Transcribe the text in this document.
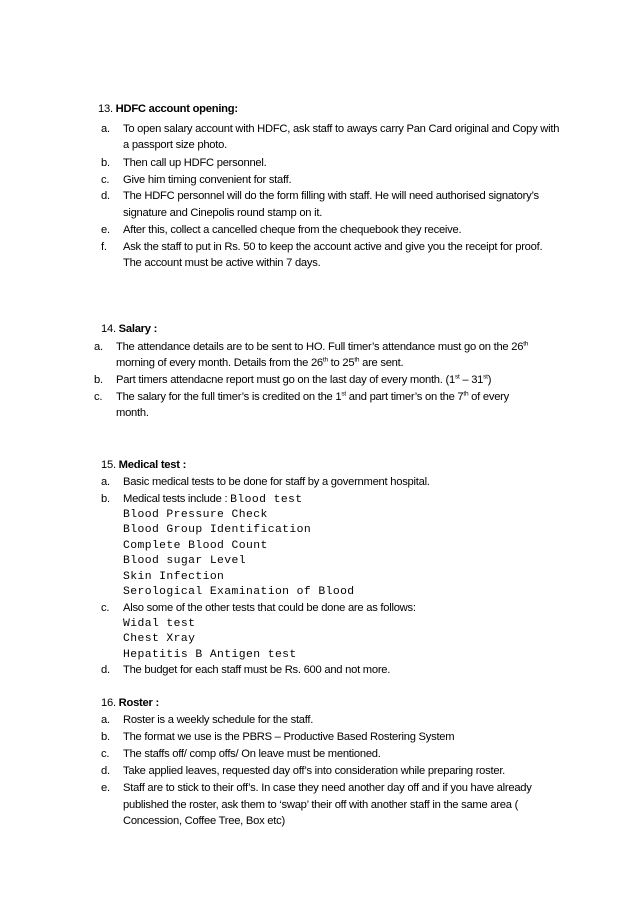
13. HDFC account opening:
a. To open salary account with HDFC, ask staff to aways carry Pan Card original and Copy with
a passport size photo.
b. Then call up HDFC personnel.
c. Give him timing convenient for staff.
d. The HDFC personnel will do the form filling with staff. He will need authorised signatory’s
signature and Cinepolis round stamp on it.
e. After this, collect a cancelled cheque from the chequebook they receive.
f. Ask the staff to put in Rs. 50 to keep the account active and give you the receipt for proof.
The account must be active within 7 days.
14. Salary :
a. The attendance details are to be sent to HO. Full timer’s attendance must go on the 26th
morning of every month. Details from the 26th to 25th are sent.
b. Part timers attendacne report must go on the last day of every month. (1st – 31st)
c. The salary for the full timer’s is credited on the 1st and part timer’s on the 7th of every
month.
15. Medical test :
a. Basic medical tests to be done for staff by a government hospital.
b. Medical tests include : Blood test
Blood Pressure Check
Blood Group Identification
Complete Blood Count
Blood sugar Level
Skin Infection
Serological Examination of Blood
c. Also some of the other tests that could be done are as follows:
Widal test
Chest Xray
Hepatitis B Antigen test
d. The budget for each staff must be Rs. 600 and not more.
16. Roster :
a. Roster is a weekly schedule for the staff.
b. The format we use is the PBRS – Productive Based Rostering System
c. The staffs off/ comp offs/ On leave must be mentioned.
d. Take applied leaves, requested day off’s into consideration while preparing roster.
e. Staff are to stick to their off’s. In case they need another day off and if you have already
published the roster, ask them to ‘swap’ their off with another staff in the same area (
Concession, Coffee Tree, Box etc)
